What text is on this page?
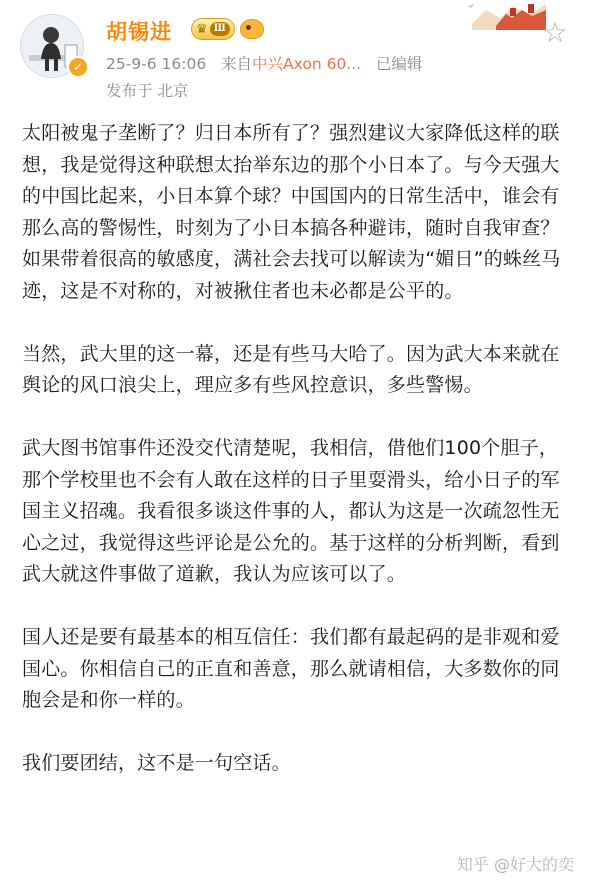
✓
胡锡进 ♛ Ⅲ
25-9-6 16:06 来自中兴Axon 60... 已编辑
发布于 北京
☆

太阳被鬼子垄断了？归日本所有了？强烈建议大家降低这样的联想，我是觉得这种联想太抬举东边的那个小日本了。与今天强大的中国比起来，小日本算个球？中国国内的日常生活中，谁会有那么高的警惕性，时刻为了小日本搞各种避讳，随时自我审查？如果带着很高的敏感度，满社会去找可以解读为“媚日”的蛛丝马迹，这是不对称的，对被揪住者也未必都是公平的。

当然，武大里的这一幕，还是有些马大哈了。因为武大本来就在舆论的风口浪尖上，理应多有些风控意识，多些警惕。

武大图书馆事件还没交代清楚呢，我相信，借他们100个胆子，那个学校里也不会有人敢在这样的日子里耍滑头，给小日子的军国主义招魂。我看很多谈这件事的人，都认为这是一次疏忽性无心之过，我觉得这些评论是公允的。基于这样的分析判断，看到武大就这件事做了道歉，我认为应该可以了。

国人还是要有最基本的相互信任：我们都有最起码的是非观和爱国心。你相信自己的正直和善意，那么就请相信，大多数你的同胞会是和你一样的。

我们要团结，这不是一句空话。

知乎 @好大的奕
